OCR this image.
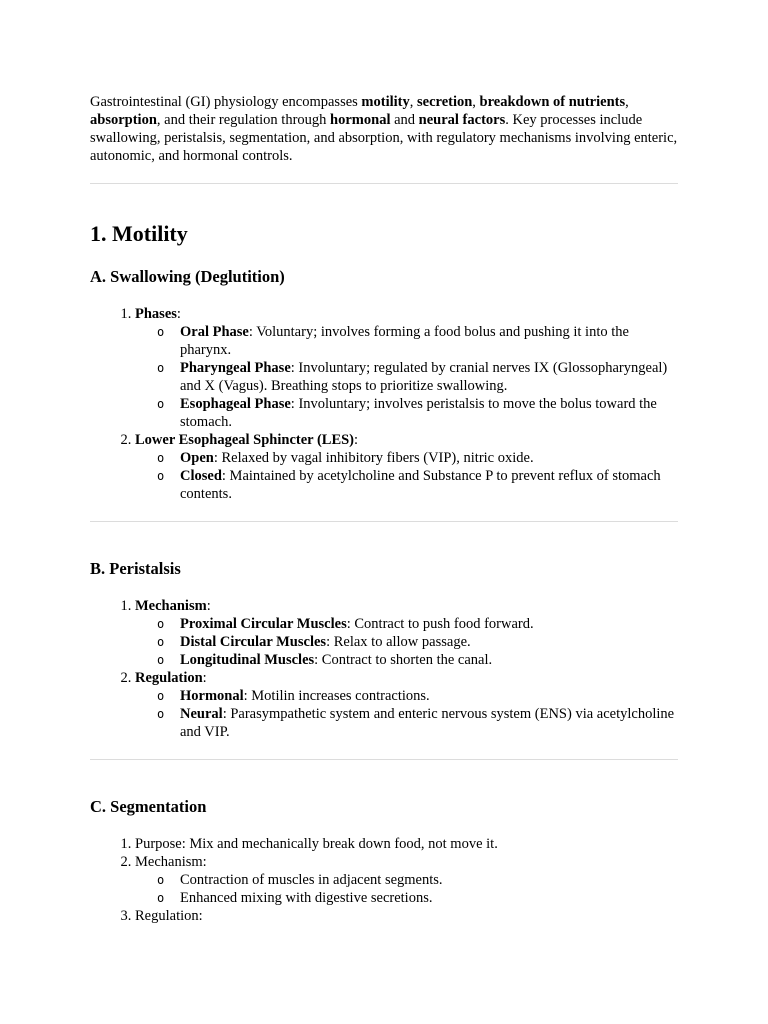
Gastrointestinal (GI) physiology encompasses motility, secretion, breakdown of nutrients, absorption, and their regulation through hormonal and neural factors. Key processes include swallowing, peristalsis, segmentation, and absorption, with regulatory mechanisms involving enteric, autonomic, and hormonal controls.

1. Motility
A. Swallowing (Deglutition)
1. Phases:
o Oral Phase: Voluntary; involves forming a food bolus and pushing it into the pharynx.
o Pharyngeal Phase: Involuntary; regulated by cranial nerves IX (Glossopharyngeal) and X (Vagus). Breathing stops to prioritize swallowing.
o Esophageal Phase: Involuntary; involves peristalsis to move the bolus toward the stomach.
2. Lower Esophageal Sphincter (LES):
o Open: Relaxed by vagal inhibitory fibers (VIP), nitric oxide.
o Closed: Maintained by acetylcholine and Substance P to prevent reflux of stomach contents.
B. Peristalsis
1. Mechanism:
o Proximal Circular Muscles: Contract to push food forward.
o Distal Circular Muscles: Relax to allow passage.
o Longitudinal Muscles: Contract to shorten the canal.
2. Regulation:
o Hormonal: Motilin increases contractions.
o Neural: Parasympathetic system and enteric nervous system (ENS) via acetylcholine and VIP.
C. Segmentation
1. Purpose: Mix and mechanically break down food, not move it.
2. Mechanism:
o Contraction of muscles in adjacent segments.
o Enhanced mixing with digestive secretions.
3. Regulation:
